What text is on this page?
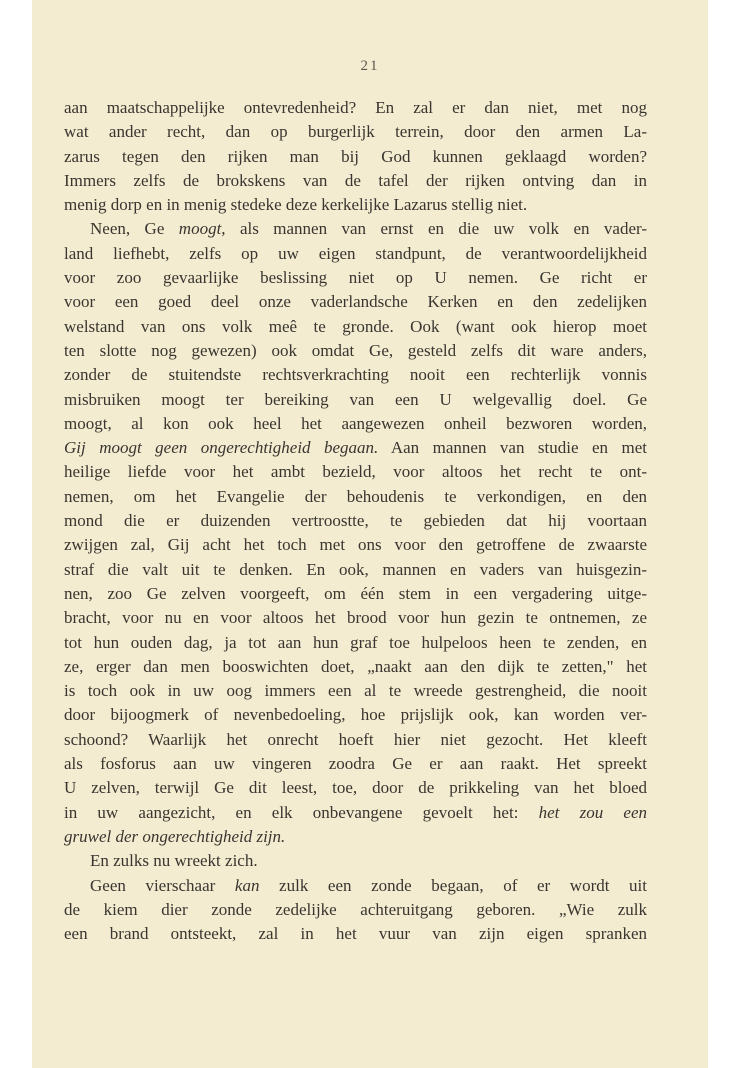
21
aan maatschappelijke ontevredenheid? En zal er dan niet, met nog
wat ander recht, dan op burgerlijk terrein, door den armen La-
zarus tegen den rijken man bij God kunnen geklaagd worden?
Immers zelfs de brokskens van de tafel der rijken ontving dan in
menig dorp en in menig stedeke deze kerkelijke Lazarus stellig niet.
Neen, Ge moogt, als mannen van ernst en die uw volk en vader-
land liefhebt, zelfs op uw eigen standpunt, de verantwoordelijkheid
voor zoo gevaarlijke beslissing niet op U nemen. Ge richt er
voor een goed deel onze vaderlandsche Kerken en den zedelijken
welstand van ons volk meê te gronde. Ook (want ook hierop moet
ten slotte nog gewezen) ook omdat Ge, gesteld zelfs dit ware anders,
zonder de stuitendste rechtsverkrachting nooit een rechterlijk vonnis
misbruiken moogt ter bereiking van een U welgevallig doel. Ge
moogt, al kon ook heel het aangewezen onheil bezworen worden,
Gij moogt geen ongerechtigheid begaan. Aan mannen van studie en met
heilige liefde voor het ambt bezield, voor altoos het recht te ont-
nemen, om het Evangelie der behoudenis te verkondigen, en den
mond die er duizenden vertroostte, te gebieden dat hij voortaan
zwijgen zal, Gij acht het toch met ons voor den getroffene de zwaarste
straf die valt uit te denken. En ook, mannen en vaders van huisgezin-
nen, zoo Ge zelven voorgeeft, om één stem in een vergadering uitge-
bracht, voor nu en voor altoos het brood voor hun gezin te ontnemen, ze
tot hun ouden dag, ja tot aan hun graf toe hulpeloos heen te zenden, en
ze, erger dan men booswichten doet, „naakt aan den dijk te zetten," het
is toch ook in uw oog immers een al te wreede gestrengheid, die nooit
door bijoogmerk of nevenbedoeling, hoe prijslijk ook, kan worden ver-
schoond? Waarlijk het onrecht hoeft hier niet gezocht. Het kleeft
als fosforus aan uw vingeren zoodra Ge er aan raakt. Het spreekt
U zelven, terwijl Ge dit leest, toe, door de prikkeling van het bloed
in uw aangezicht, en elk onbevangene gevoelt het: het zou een
gruwel der ongerechtigheid zijn.
En zulks nu wreekt zich.
Geen vierschaar kan zulk een zonde begaan, of er wordt uit
de kiem dier zonde zedelijke achteruitgang geboren. „Wie zulk
een brand ontsteekt, zal in het vuur van zijn eigen spranken
